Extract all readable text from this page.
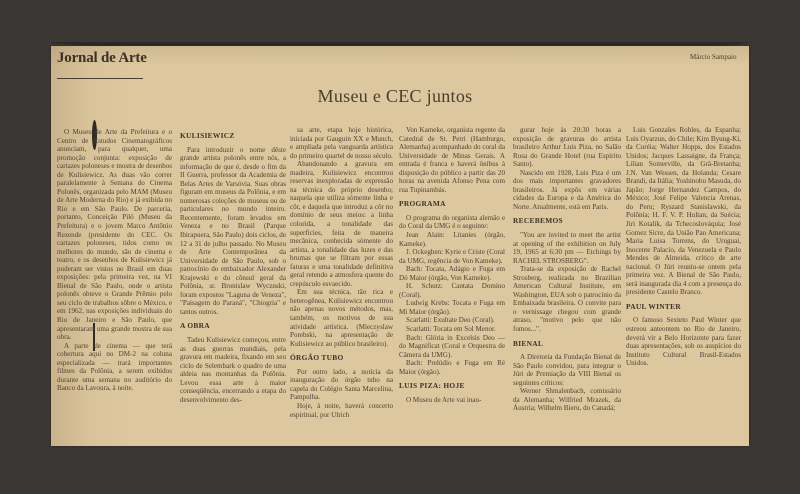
Jornal de Arte	Márcio Sampaio
Museu e CEC juntos

O Museu de Arte da Prefeitura e o Centro de Estudos Cinematográficos anunciam, para qualquer, uma promoção conjunta: exposição de cartazes poloneses e mostra de desenhos de Kulisiewicz. As duas vão correr paralelamente à Semana do Cinema Polonês, organizada pelo MAM (Museu de Arte Moderna do Rio) e já exibida no Rio e em São Paulo. De parceria, portanto, Conceição Piló (Museu da Prefeitura) e o jovem Marco Antônio Rezende (presidente do CEC. Os cartazes poloneses, tidos como os melhores do mundo, são de cinema e teatro, e os desenhos de Kulisiewicz já puderam ser vistos no Brasil em duas exposições: pela primeira vez, na VI Bienal de São Paulo, onde o artista polonês obteve o Grande Prêmio pelo seu ciclo de trabalhos sôbre o México, e em 1962, nas exposições individuais do Rio de Janeiro e São Paulo, que apresentaram uma grande mostra de sua obra.

A parte de cinema — que terá cobertura aqui no DM-2 na coluna especializada — trará importantes filmes da Polônia, a serem exibidos durante uma semana no auditório do Banco da Lavoura, à noite.

KULISIEWICZ

Para introduzir o nome dêste grande artista polonês entre nós, a informação de que é, desde o fim da II Guerra, professor da Academia de Belas Artes de Varsóvia. Suas obras figuram em museus da Polônia, e em numerosas coleções de museus ou de particulares no mundo inteiro. Recentemente, foram levados em Veneza e no Brasil (Parque Ibirapuera, São Paulo) dois ciclos, de 12 a 31 de julho passado. No Museu de Arte Contemporânea da Universidade de São Paulo, sob o patrocínio do embaixador Alexander Krajewski e do cônsul geral da Polônia, sr. Bronislaw Wycznski, foram expostos "Laguna de Veneza", "Paisagem do Paraná", "Chiogria" e tantos outros.

A OBRA

Tadeu Kulisiewicz começou, entre as duas guerras mundiais, pela gravura em madeira, fixando em seu ciclo de Selembark o quadro de uma aldeia nas montanhas da Polônia. Levou essa arte à maior conseqüência, encerrando a etapa do desenvolvimento des-

sa arte, etapa hoje histórica, iniciada por Gauguin XX e Munch, e ampliada pela vanguarda artística do primeiro quartel de nosso século.

Abandonando a gravura em madeira, Kulisiewicz encontrou reservas inexploradas de expressão na técnica do próprio desenho; naquela que utiliza sòmente linha e côr, e daquela que introduz a côr no domínio de seus meios: a linha colorida, a tonalidade das superfícies, feita de maneira mecânica, conhecida sòmente do artista, a tonalidade das luzes e das brumas que se filtram por essas faturas e uma tonalidade definitiva geral retendo a atmosfera quente do crepúsculo esvaecido.

Em sua técnica, tão rica e heterogênea, Kulisiewicz encontrou não apenas novos métodos, mas, também, os motivos de sua atividade artística. (Mieczyslaw Porebski, na apresentação de Kulisiewicz ao público brasileiro).

ÓRGÃO TUBO

Por outro lado, a notícia da inauguração do órgão tubo na capela do Colégio Santa Marcelina, Pampulha.

Hoje, à noite, haverá concerto espiritual, por Ulrich

Von Kameke, organista regente da Catedral de St. Petri (Hamburgo, Alemanha) acompanhado do coral da Universidade de Minas Gerais. A entrada é franca e haverá ônibus à disposição do público a partir das 20 horas na avenida Afonso Pena com rua Tupinambás.

PROGRAMA

O programa do organista alemão e do Coral da UMG é o seguinte:

Jean Alain: Litanies (órgão, Kameke).

J. Ockeghen: Kyrie e Criste (Coral da UMG, regência de Von Kameke).

Bach: Tocata, Adágio e Fuga em Dó Maior (órgão, Von Kameke).

H. Schutz: Cantata Domino (Coral).

Ludwig Krebs: Tocata e Fuga em Mi Maior (órgão).

Scarlatti: Exultate Deo (Coral).

Scarlatti: Tocata em Sol Menor.

Bach: Glória in Excelsis Deo — do Magnificat (Coral e Orquestra de Câmera da UMG).

Bach: Prelúdio e Fuga em Ré Maior (órgão).

LUIS PIZA: HOJE

O Museu de Arte vai inau-

gurar hoje às 20:30 horas a exposição de gravuras do artista brasileiro Arthur Luis Piza, no Salão Rosa do Grande Hotel (rua Espírito Santo).

Nascido em 1928, Luis Piza é um dos mais importantes gravadores brasileiros. Já expôs em várias cidades da Europa e da América do Norte. Atualmente, está em Paris.

RECEBEMOS

"You are invited to meet the artist at opening of the exhibition on July 19, 1965 at 6:30 pm — Etchings by RACHEL STROSBERG".

Trata-se da exposição de Rachel Strosberg, realizada no Brazilian American Cultural Institute, em Washington, EUA sob o patrocínio da Embaixada brasileira. O convite para o vernissage chegou com grande atraso, "motivo pelo que não fomos...".

BIENAL

A Diretoria da Fundação Bienal de São Paulo convidou, para integrar o Júri de Premiação da VIII Bienal os seguintes críticos:

Werner Shmalenbach, comissário da Alemanha; Wilfried Mrazek, da Áustria; Wilhelm Bieru, do Canadá;

Luis Gonzales Robles, da Espanha; Luis Oyarzun, do Chile; Kim Byung-Ki, da Coréia; Walter Hopps, dos Estados Unidos; Jacques Lassaigne, da França; Lilian Somerville, da Grã-Bretanha; J.N. Van Wessen, da Holanda; Cesare Brandi, da Itália; Yoshinobu Masuda, do Japão; Jorge Hernandez Campos, do México; José Felipe Valencia Arenas, do Peru; Ryszard Stanislawski, da Polônia; H. F. V. P. Hultan, da Suécia; Jiri Kotalik, da Tchecoslováquia; José Gomez Sicre, da União Pan Americana; Maria Luisa Torrens, do Uruguai, Inocente Palacio, da Venezuela e Paulo Mendes de Almeida, crítico de arte nacional. O Júri reuniu-se ontem pela primeira vez. A Bienal de São Paulo, será inaugurada dia 4 com a presença do presidente Castelo Branco.

PAUL WINTER

O famoso Sexteto Paul Winter que estreou anteontem no Rio de Janeiro, deverá vir a Belo Horizonte para fazer duas apresentações, sob os auspícios do Instituto Cultural Brasil-Estados Unidos.
